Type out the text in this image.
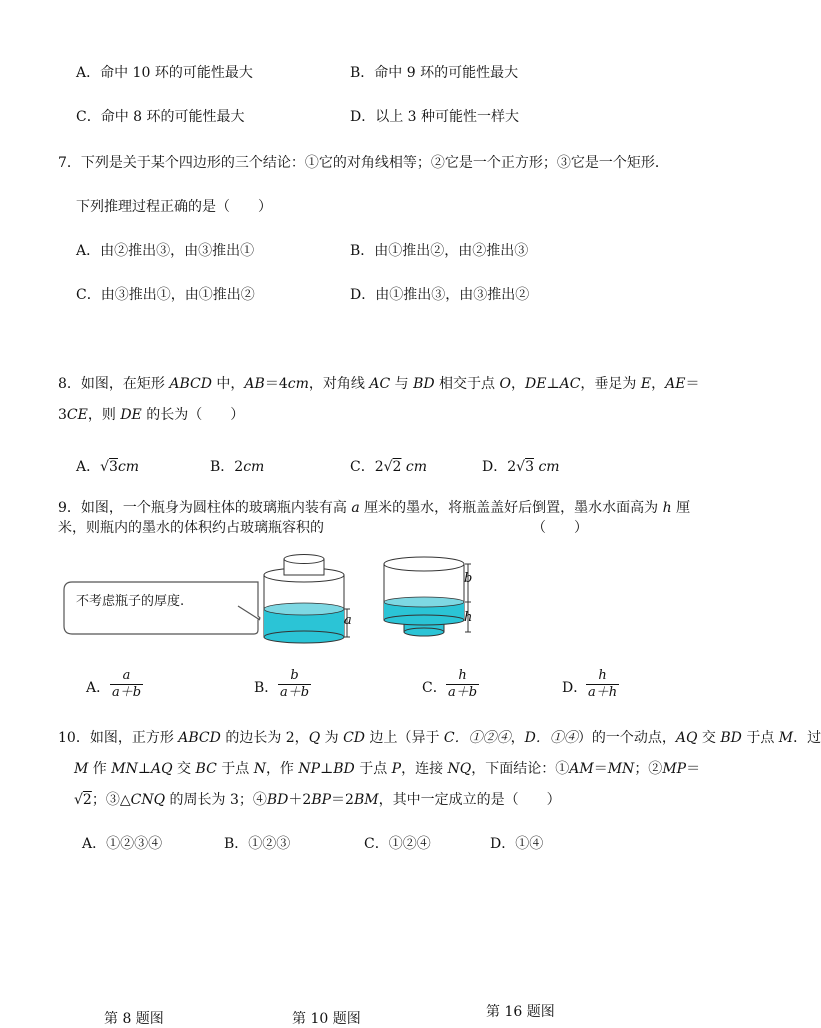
A．命中 10 环的可能性最大	B．命中 9 环的可能性最大
C．命中 8 环的可能性最大	D．以上 3 种可能性一样大
7．下列是关于某个四边形的三个结论：①它的对角线相等；②它是一个正方形；③它是一个矩形．
下列推理过程正确的是（　　）
A．由②推出③，由③推出①	B．由①推出②，由②推出③
C．由③推出①，由①推出②	D．由①推出③，由③推出②
8．如图，在矩形 ABCD 中，AB＝4cm，对角线 AC 与 BD 相交于点 O，DE⊥AC，垂足为 E，AE＝
3CE，则 DE 的长为（　　）
A．√3cm	B．2cm	C．2√2 cm	D．2√3 cm
9．如图，一个瓶身为圆柱体的玻璃瓶内装有高 a 厘米的墨水，将瓶盖盖好后倒置，墨水水面高为 h 厘
米，则瓶内的墨水的体积约占玻璃瓶容积的	（　　）
不考虑瓶子的厚度.
a
b
h
A． $\frac{a}{a+b}$	B． $\frac{b}{a+b}$	C． $\frac{h}{a+b}$	D．
$\frac{h}{a+h}$
10．如图，正方形 ABCD 的边长为 2，Q 为 CD 边上（异于 C．①②④，D．①④）的一个动点，AQ 交 BD 于点 M．过
M 作 MN⊥AQ 交 BC 于点 N，作 NP⊥BD 于点 P，连接 NQ，下面结论：①AM＝MN；②MP＝
√2；③△CNQ 的周长为 3；④BD＋2BP＝2BM，其中一定成立的是（　　）
A．①②③④	B．①②③	C．①②④	D．①④
第 8 题图	第 10 题图	第 16 题图
